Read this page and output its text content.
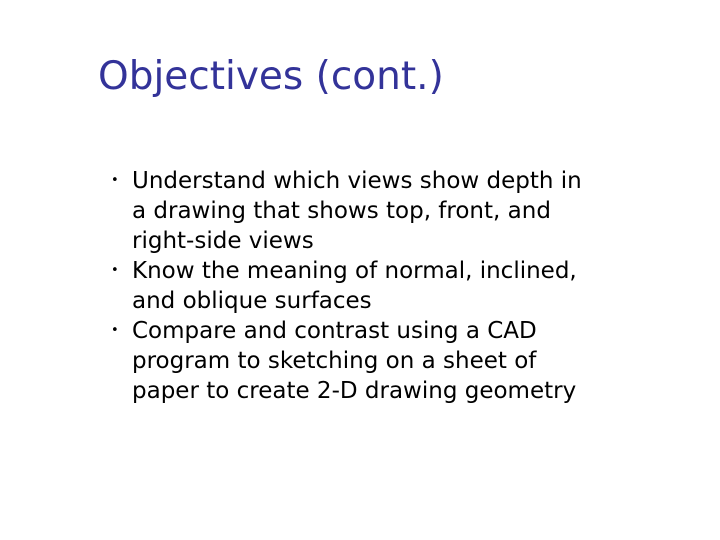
Objectives (cont.)
• Understand which views show depth in
a drawing that shows top, front, and
right-side views
• Know the meaning of normal, inclined,
and oblique surfaces
• Compare and contrast using a CAD
program to sketching on a sheet of
paper to create 2-D drawing geometry
